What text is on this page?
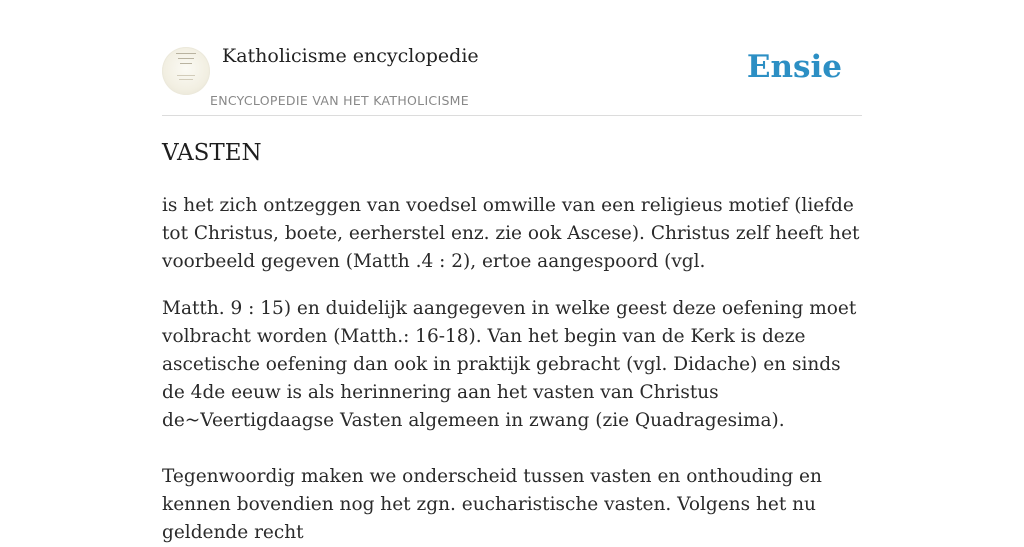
Katholicisme encyclopedie
ENCYCLOPEDIE VAN HET KATHOLICISME
Ensie
VASTEN

is het zich ontzeggen van voedsel omwille van een religieus motief (liefde tot Christus, boete, eerherstel enz. zie ook Ascese). Christus zelf heeft het voorbeeld gegeven (Matth .4 : 2), ertoe aangespoord (vgl.

Matth. 9 : 15) en duidelijk aangegeven in welke geest deze oefening moet volbracht worden (Matth.: 16-18). Van het begin van de Kerk is deze ascetische oefening dan ook in praktijk gebracht (vgl. Didache) en sinds de 4de eeuw is als herinnering aan het vasten van Christus de~Veertigdaagse Vasten algemeen in zwang (zie Quadragesima).

Tegenwoordig maken we onderscheid tussen vasten en onthouding en kennen bovendien nog het zgn. eucharistische vasten. Volgens het nu geldende recht
